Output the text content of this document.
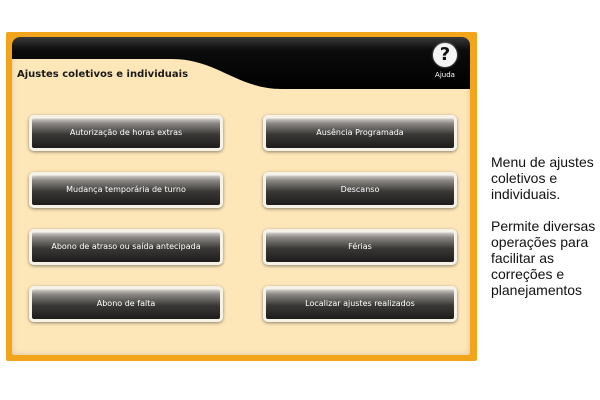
Ajustes coletivos e individuais
?
Ajuda
Autorização de horas extras
Mudança temporária de turno
Abono de atraso ou saída antecipada
Abono de falta
Ausência Programada
Descanso
Férias
Localizar ajustes realizados

Menu de ajustes coletivos e individuais.

Permite diversas operações para facilitar as correções e planejamentos
